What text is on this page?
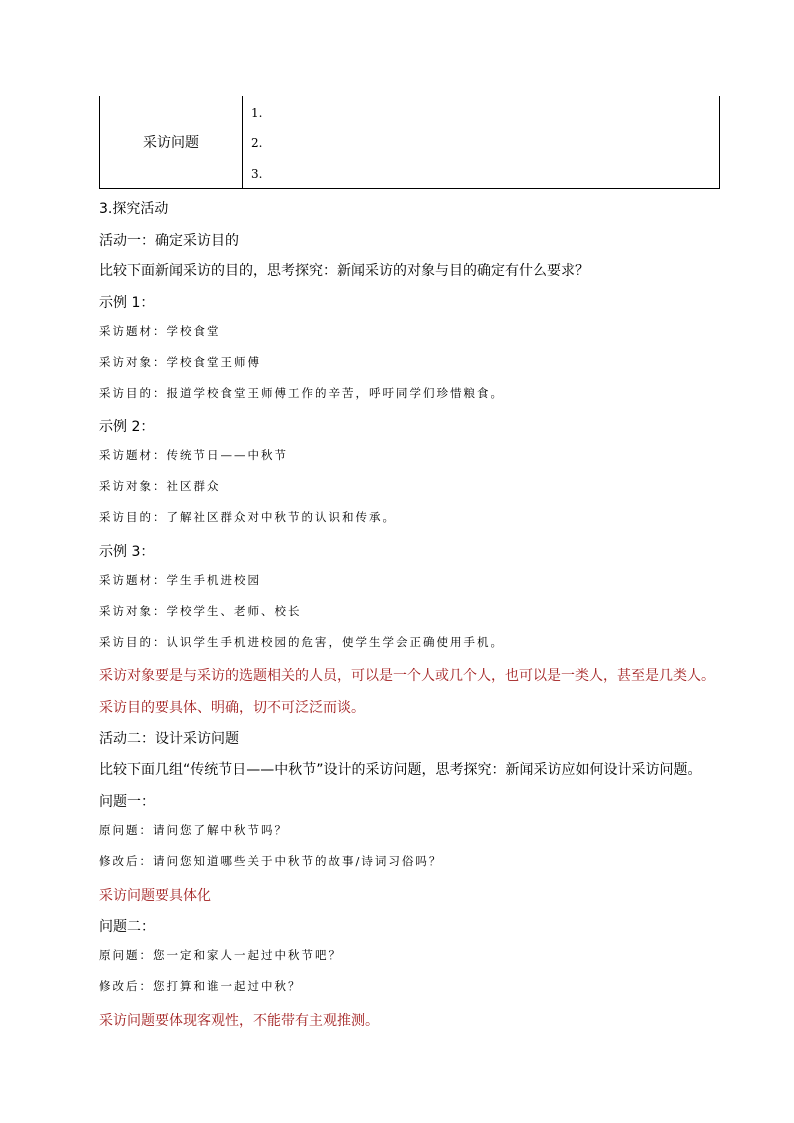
采访问题
1.
2.
3.
3.探究活动
活动一：确定采访目的
比较下面新闻采访的目的，思考探究：新闻采访的对象与目的确定有什么要求？
示例 1：
采访题材：学校食堂
采访对象：学校食堂王师傅
采访目的：报道学校食堂王师傅工作的辛苦，呼吁同学们珍惜粮食。
示例 2：
采访题材：传统节日——中秋节
采访对象：社区群众
采访目的：了解社区群众对中秋节的认识和传承。
示例 3：
采访题材：学生手机进校园
采访对象：学校学生、老师、校长
采访目的：认识学生手机进校园的危害，使学生学会正确使用手机。
采访对象要是与采访的选题相关的人员，可以是一个人或几个人，也可以是一类人，甚至是几类人。
采访目的要具体、明确，切不可泛泛而谈。
活动二：设计采访问题
比较下面几组“传统节日——中秋节”设计的采访问题，思考探究：新闻采访应如何设计采访问题。
问题一：
原问题：请问您了解中秋节吗？
修改后：请问您知道哪些关于中秋节的故事/诗词习俗吗？
采访问题要具体化
问题二：
原问题：您一定和家人一起过中秋节吧？
修改后：您打算和谁一起过中秋？
采访问题要体现客观性，不能带有主观推测。
